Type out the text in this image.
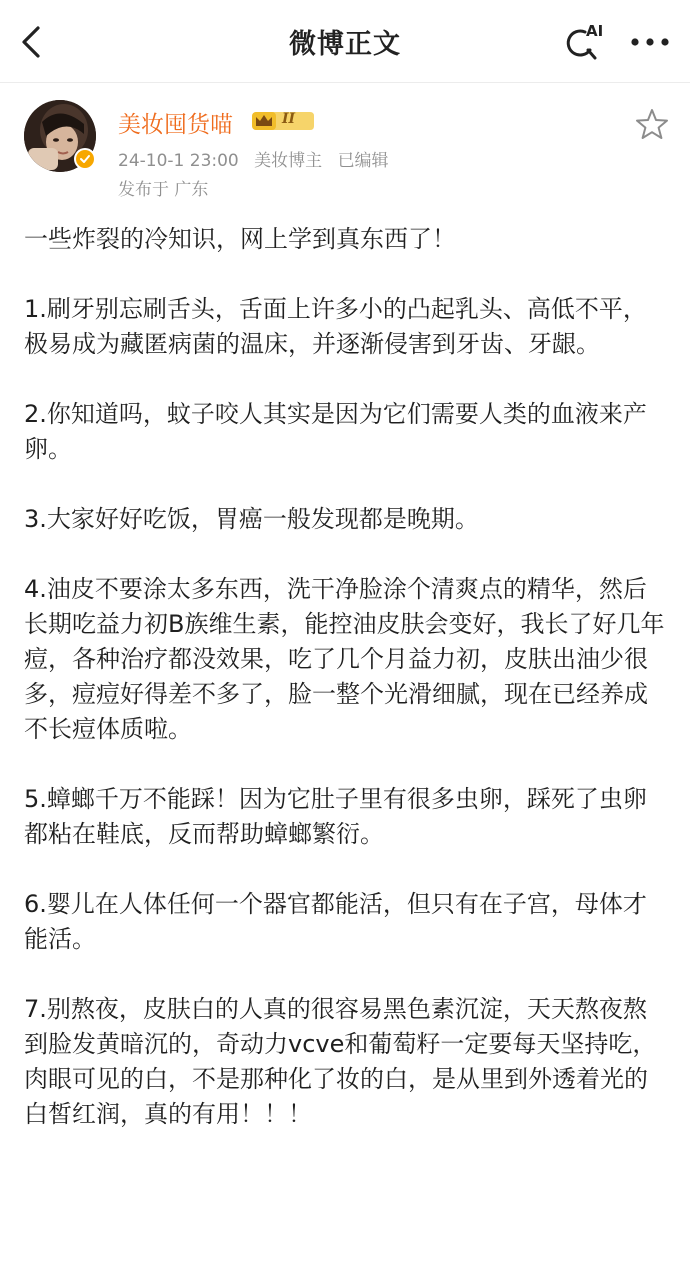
微博正文	AI
美妆囤货喵	II
24-10-1 23:00 美妆博主 已编辑
发布于 广东

一些炸裂的冷知识，网上学到真东西了！

1.刷牙别忘刷舌头，舌面上许多小的凸起乳头、高低不平，极易成为藏匿病菌的温床，并逐渐侵害到牙齿、牙龈。

2.你知道吗，蚊子咬人其实是因为它们需要人类的血液来产卵。

3.大家好好吃饭，胃癌一般发现都是晚期。

4.油皮不要涂太多东西，洗干净脸涂个清爽点的精华，然后长期吃益力初B族维生素，能控油皮肤会变好，我长了好几年痘，各种治疗都没效果，吃了几个月益力初，皮肤出油少很多，痘痘好得差不多了，脸一整个光滑细腻，现在已经养成不长痘体质啦。

5.蟑螂千万不能踩！因为它肚子里有很多虫卵，踩死了虫卵都粘在鞋底，反而帮助蟑螂繁衍。

6.婴儿在人体任何一个器官都能活，但只有在子宫，母体才能活。

7.别熬夜，皮肤白的人真的很容易黑色素沉淀，天天熬夜熬到脸发黄暗沉的，奇动力vcve和葡萄籽一定要每天坚持吃，肉眼可见的白，不是那种化了妆的白，是从里到外透着光的白皙红润，真的有用！！！
